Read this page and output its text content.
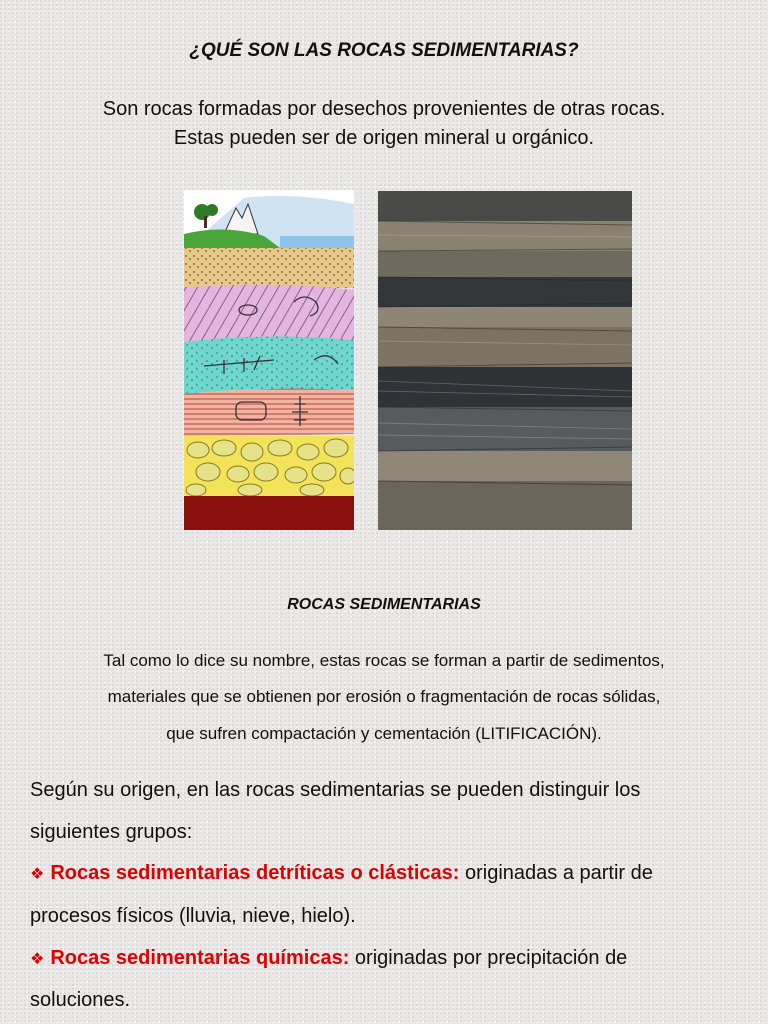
¿QUÉ SON LAS ROCAS SEDIMENTARIAS?
Son rocas formadas por desechos provenientes de otras rocas.
Estas pueden ser de origen mineral u orgánico.
ROCAS SEDIMENTARIAS
Tal como lo dice su nombre, estas rocas se forman a partir de sedimentos,
materiales que se obtienen por erosión o fragmentación de rocas sólidas,
que sufren compactación y cementación (LITIFICACIÓN).
Según su origen, en las rocas sedimentarias se pueden distinguir los
siguientes grupos:
❖ Rocas sedimentarias detríticas o clásticas: originadas a partir de
procesos físicos (lluvia, nieve, hielo).
❖ Rocas sedimentarias químicas: originadas por precipitación de
soluciones.
